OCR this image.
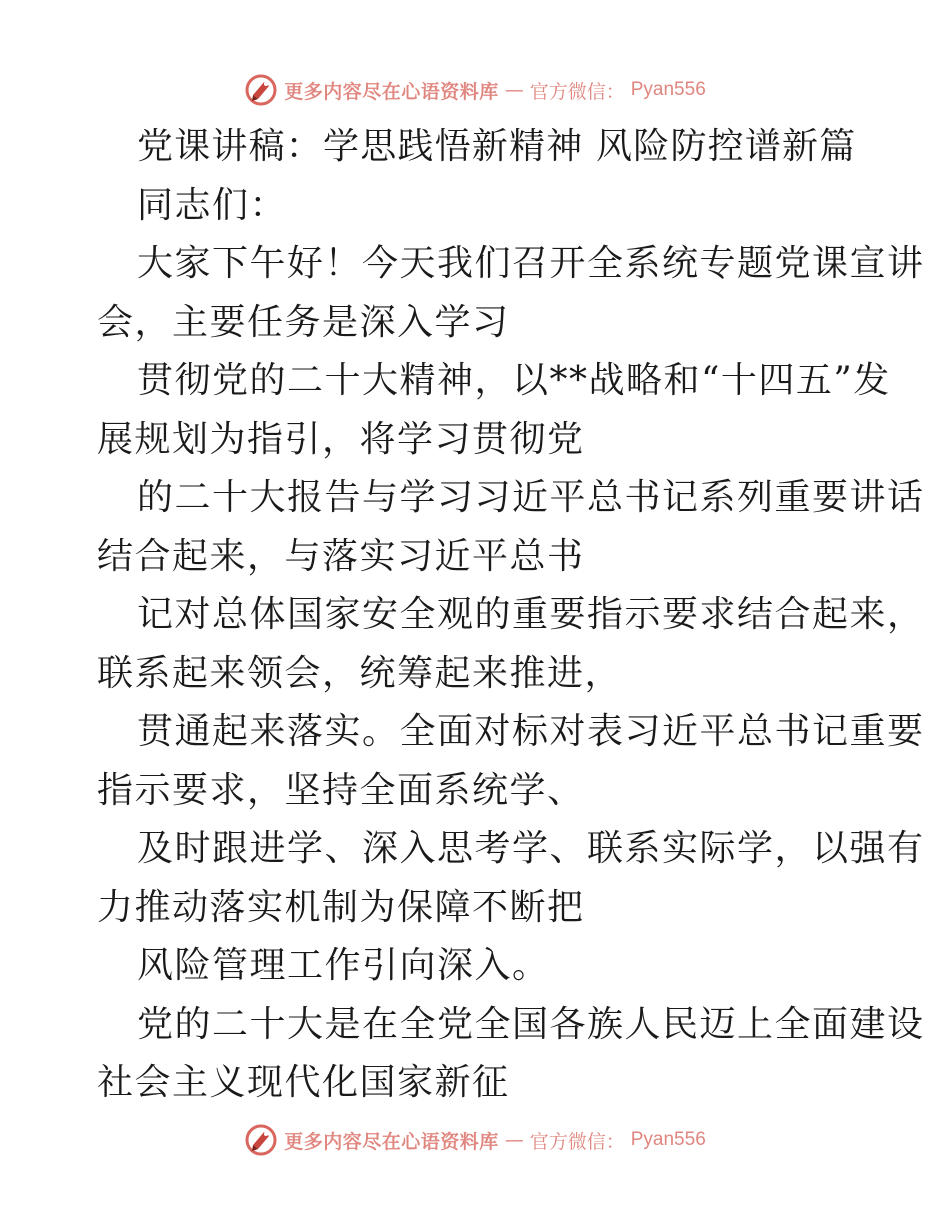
更多内容尽在心语资料库 — 官方微信： Pyan556
党课讲稿：学思践悟新精神 风险防控谱新篇
同志们：
大家下午好！今天我们召开全系统专题党课宣讲
会，主要任务是深入学习
贯彻党的二十大精神，以**战略和“十四五”发
展规划为指引，将学习贯彻党
的二十大报告与学习习近平总书记系列重要讲话
结合起来，与落实习近平总书
记对总体国家安全观的重要指示要求结合起来，
联系起来领会，统筹起来推进，
贯通起来落实。全面对标对表习近平总书记重要
指示要求，坚持全面系统学、
及时跟进学、深入思考学、联系实际学，以强有
力推动落实机制为保障不断把
风险管理工作引向深入。
党的二十大是在全党全国各族人民迈上全面建设
社会主义现代化国家新征
更多内容尽在心语资料库 — 官方微信： Pyan556
